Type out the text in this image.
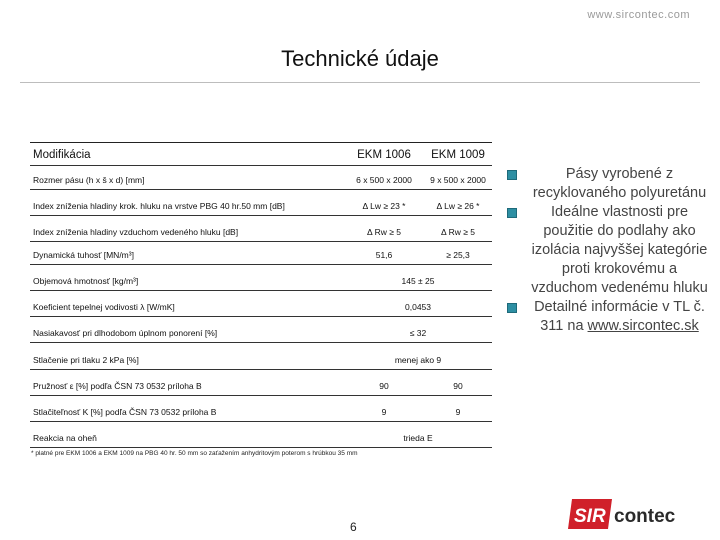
www.sircontec.com
Technické údaje
Modifikácia	EKM 1006	EKM 1009
Rozmer pásu (h x š x d) [mm]	6 x 500 x 2000	9 x 500 x 2000
Index zníženia hladiny krok. hluku na vrstve PBG 40 hr.50 mm [dB]	Δ Lw ≥ 23 *	Δ Lw ≥ 26 *
Index zníženia hladiny vzduchom vedeného hluku [dB]	Δ Rw ≥ 5	Δ Rw ≥ 5
Dynamická tuhosť [MN/m³]	51,6	≥ 25,3
Objemová hmotnosť [kg/m³]	145 ± 25
Koeficient tepelnej vodivosti λ [W/mK]	0,0453
Nasiakavosť pri dlhodobom úplnom ponorení [%]	≤ 32
Stlačenie pri tlaku 2 kPa [%]	menej ako 9
Pružnosť ε [%] podľa ČSN 73 0532 príloha B	90	90
Stlačiteľnosť K [%] podľa ČSN 73 0532 príloha B	9	9
Reakcia na oheň	trieda E
* platné pre EKM 1006 a EKM 1009 na PBG 40 hr. 50 mm so zaťažením anhydritovým poterom s hrúbkou 35 mm
Pásy vyrobené z recyklovaného polyuretánu
Ideálne vlastnosti pre použitie do podlahy ako izolácia najvyššej kategórie proti krokovému a vzduchom vedenému hluku
Detailné informácie v TL č. 311 na www.sircontec.sk
6	SIR contec
